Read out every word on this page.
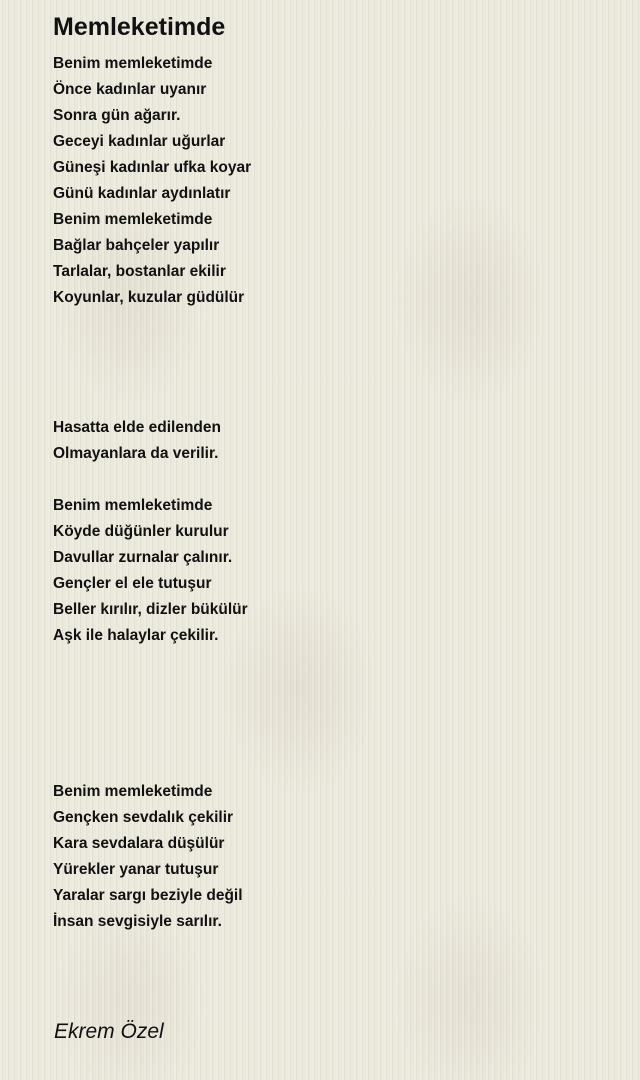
Memleketimde
Benim memleketimde
Önce kadınlar uyanır
Sonra gün ağarır.
Geceyi kadınlar uğurlar
Güneşi kadınlar ufka koyar
Günü kadınlar aydınlatır
Benim memleketimde
Bağlar bahçeler yapılır
Tarlalar, bostanlar ekilir
Koyunlar, kuzular güdülür
Hasatta elde edilenden
Olmayanlara da verilir.
Benim memleketimde
Köyde düğünler kurulur
Davullar zurnalar çalınır.
Gençler el ele tutuşur
Beller kırılır, dizler bükülür
Aşk ile halaylar çekilir.
Benim memleketimde
Gençken sevdalık çekilir
Kara sevdalara düşülür
Yürekler yanar tutuşur
Yaralar sargı beziyle değil
İnsan sevgisiyle sarılır.
Ekrem Özel
